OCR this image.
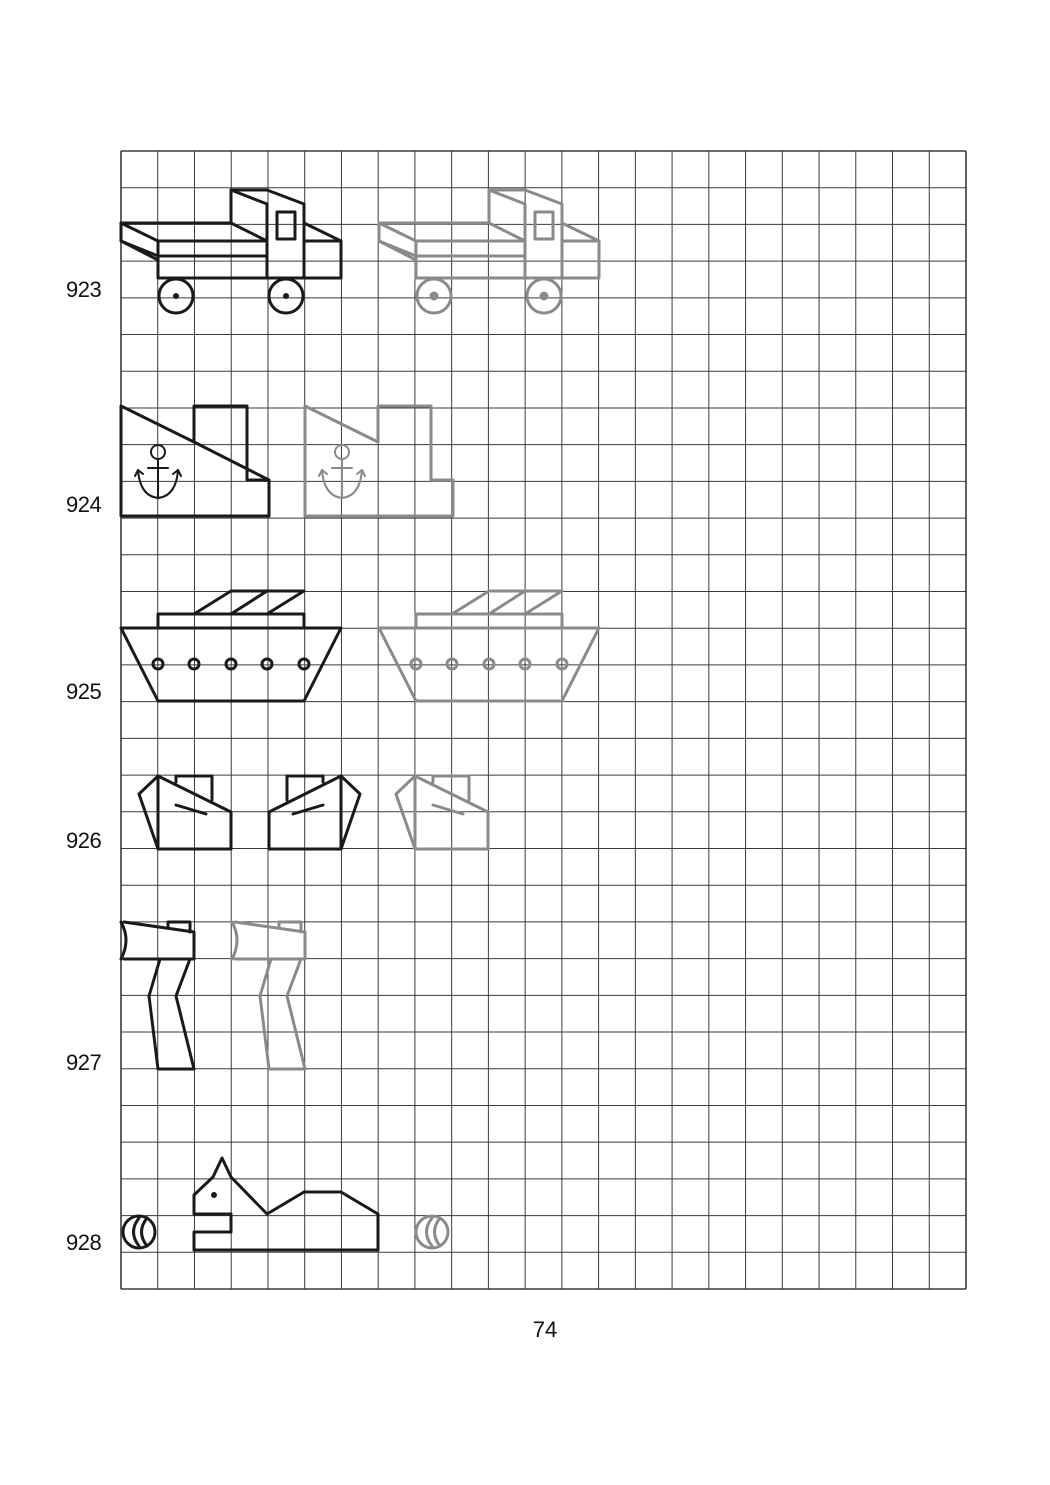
923
924
925
926
927
928
74
